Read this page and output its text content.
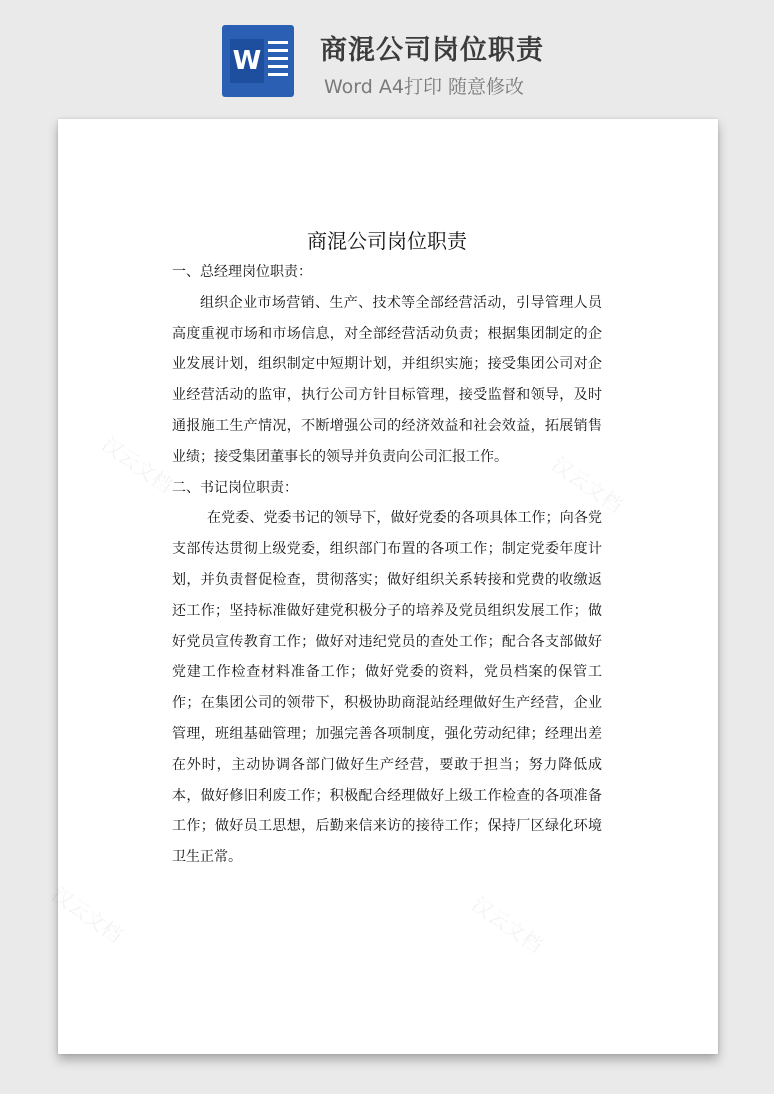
W 商混公司岗位职责
Word A4打印 随意修改
汉云文档	汉云文档
汉云文档	汉云文档
商混公司岗位职责

一、总经理岗位职责：

组织企业市场营销、生产、技术等全部经营活动，引导管理人员高度重视市场和市场信息，对全部经营活动负责；根据集团制定的企业发展计划，组织制定中短期计划，并组织实施；接受集团公司对企业经营活动的监审，执行公司方针目标管理，接受监督和领导，及时通报施工生产情况，不断增强公司的经济效益和社会效益，拓展销售业绩；接受集团董事长的领导并负责向公司汇报工作。

二、书记岗位职责：

在党委、党委书记的领导下，做好党委的各项具体工作；向各党支部传达贯彻上级党委，组织部门布置的各项工作；制定党委年度计划，并负责督促检查，贯彻落实；做好组织关系转接和党费的收缴返还工作；坚持标准做好建党积极分子的培养及党员组织发展工作；做好党员宣传教育工作；做好对违纪党员的查处工作；配合各支部做好党建工作检查材料准备工作；做好党委的资料，党员档案的保管工作；在集团公司的领带下，积极协助商混站经理做好生产经营，企业管理，班组基础管理；加强完善各项制度，强化劳动纪律；经理出差在外时，主动协调各部门做好生产经营，要敢于担当；努力降低成本，做好修旧利废工作；积极配合经理做好上级工作检查的各项准备工作；做好员工思想，后勤来信来访的接待工作；保持厂区绿化环境卫生正常。
